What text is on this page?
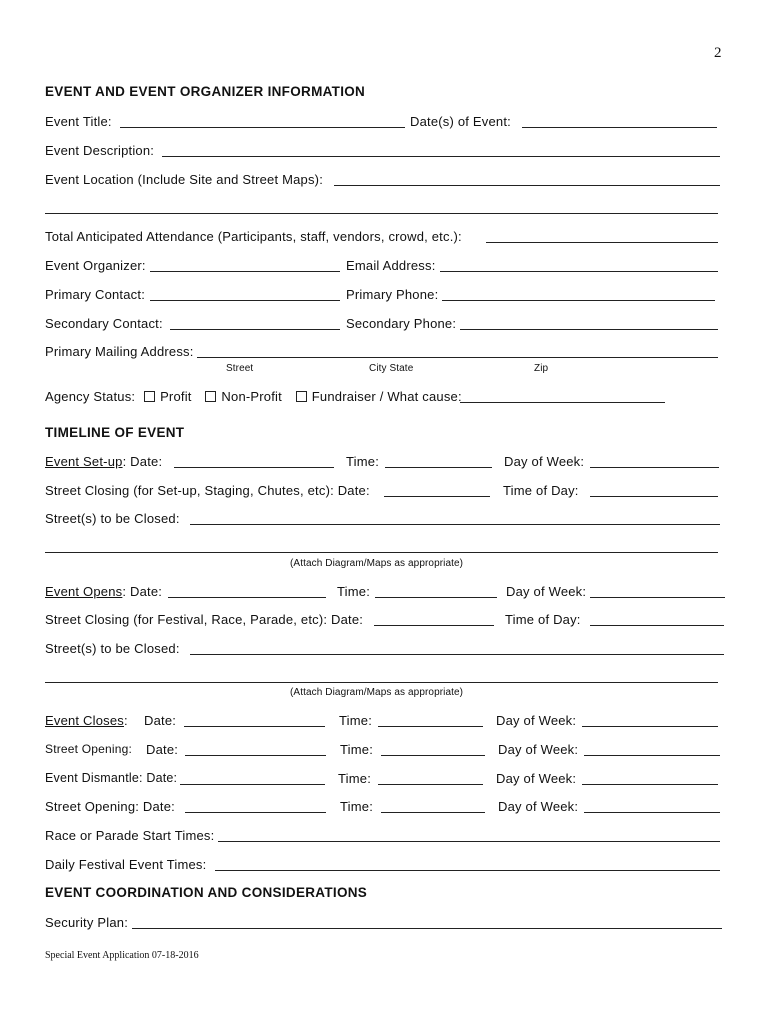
2
EVENT AND EVENT ORGANIZER INFORMATION
Event Title:	Date(s) of Event:
Event Description:
Event Location (Include Site and Street Maps):
Total Anticipated Attendance (Participants, staff, vendors, crowd, etc.):
Event Organizer:	Email Address:
Primary Contact:	Primary Phone:
Secondary Contact:	Secondary Phone:
Primary Mailing Address:
Street	City State	Zip
Agency Status: Profit Non-Profit Fundraiser / What cause:
TIMELINE OF EVENT
Event Set-up: Date:	Time:	Day of Week:
Street Closing (for Set-up, Staging, Chutes, etc): Date:	Time of Day:
Street(s) to be Closed:
(Attach Diagram/Maps as appropriate)
Event Opens: Date:	Time:	Day of Week:
Street Closing (for Festival, Race, Parade, etc): Date:	Time of Day:
Street(s) to be Closed:
(Attach Diagram/Maps as appropriate)
Event Closes: Date:	Time:	Day of Week:
Street Opening: Date:	Time:	Day of Week:
Event Dismantle: Date:	Time:	Day of Week:
Street Opening: Date:	Time:	Day of Week:
Race or Parade Start Times:
Daily Festival Event Times:
EVENT COORDINATION AND CONSIDERATIONS
Security Plan:
Special Event Application 07-18-2016
